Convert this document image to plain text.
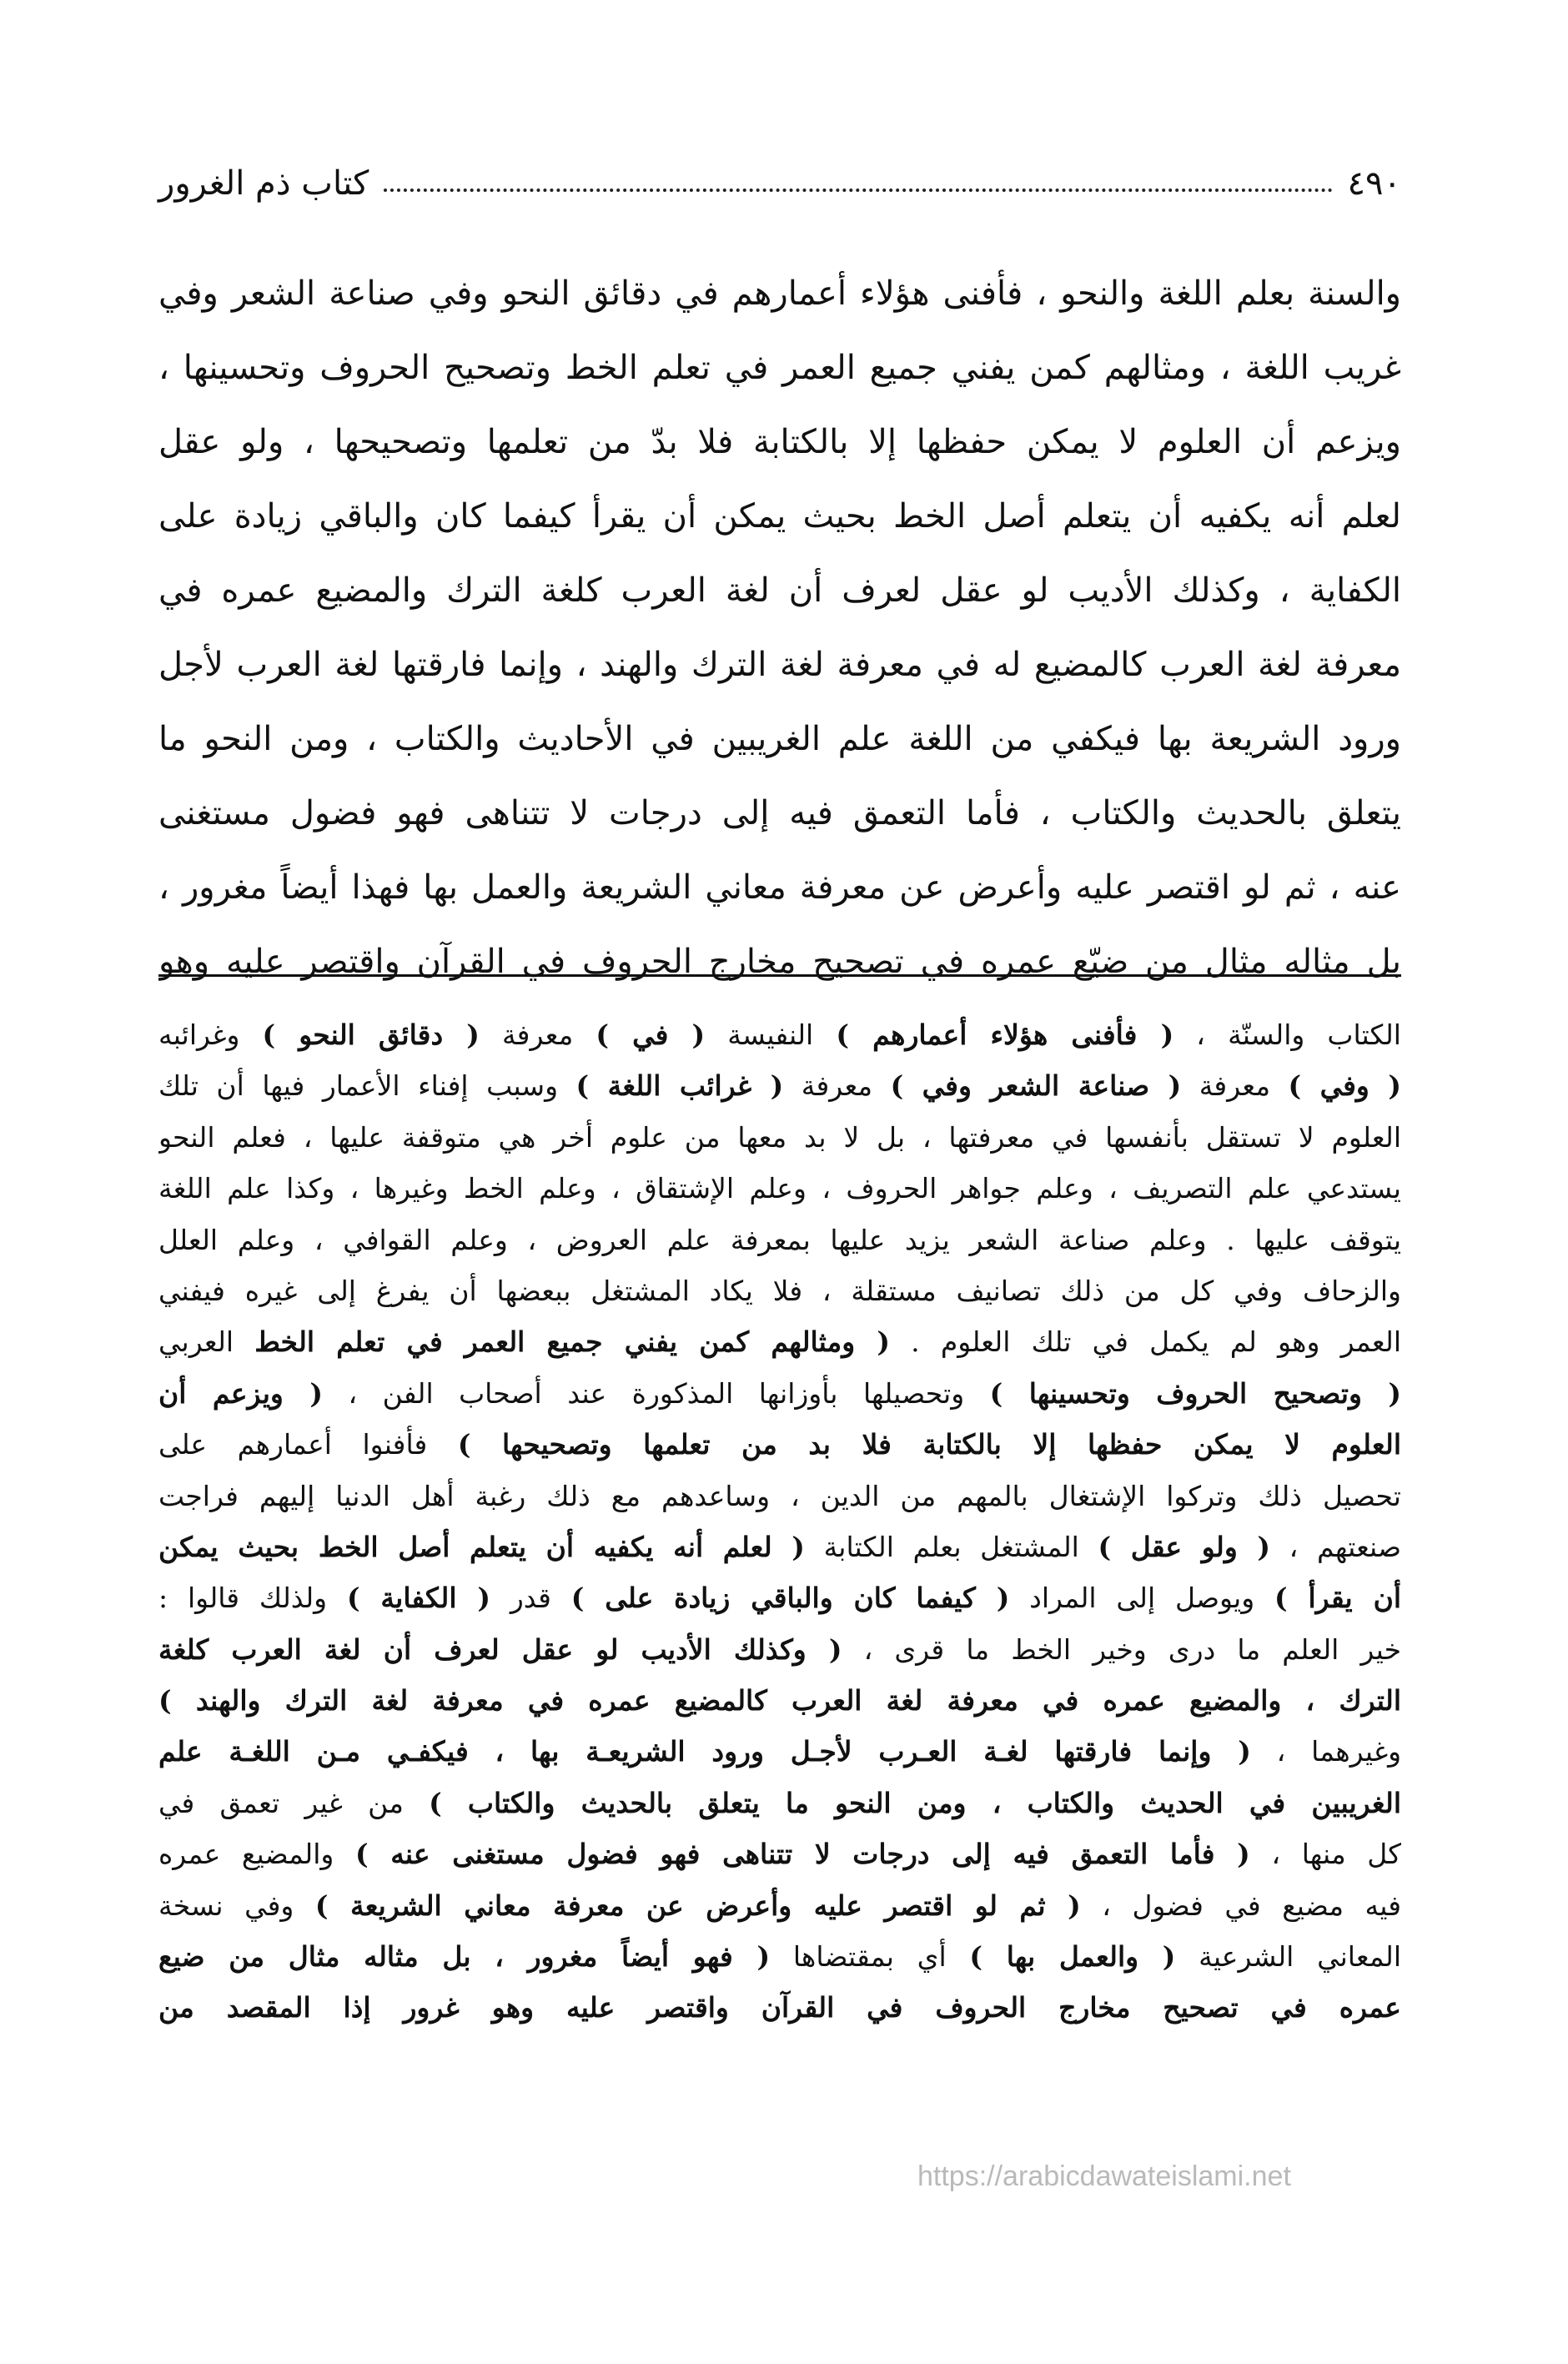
٤٩٠
كتاب ذم الغرور
والسنة بعلم اللغة والنحو ، فأفنى هؤلاء أعمارهم في دقائق النحو وفي صناعة الشعر وفي
غريب اللغة ، ومثالهم كمن يفني جميع العمر في تعلم الخط وتصحيح الحروف وتحسينها ،
ويزعم أن العلوم لا يمكن حفظها إلا بالكتابة فلا بدّ من تعلمها وتصحيحها ، ولو عقل
لعلم أنه يكفيه أن يتعلم أصل الخط بحيث يمكن أن يقرأ كيفما كان والباقي زيادة على
الكفاية ، وكذلك الأديب لو عقل لعرف أن لغة العرب كلغة الترك والمضيع عمره في
معرفة لغة العرب كالمضيع له في معرفة لغة الترك والهند ، وإنما فارقتها لغة العرب لأجل
ورود الشريعة بها فيكفي من اللغة علم الغريبين في الأحاديث والكتاب ، ومن النحو ما
يتعلق بالحديث والكتاب ، فأما التعمق فيه إلى درجات لا تتناهى فهو فضول مستغنى
عنه ، ثم لو اقتصر عليه وأعرض عن معرفة معاني الشريعة والعمل بها فهذا أيضاً مغرور ،
بل مثاله مثال من ضيّع عمره في تصحيح مخارج الحروف في القرآن واقتصر عليه وهو
الكتاب والسنّة ، ( فأفنى هؤلاء أعمارهم ) النفيسة ( في ) معرفة ( دقائق النحو ) وغرائبه
( وفي ) معرفة ( صناعة الشعر وفي ) معرفة ( غرائب اللغة ) وسبب إفناء الأعمار فيها أن تلك
العلوم لا تستقل بأنفسها في معرفتها ، بل لا بد معها من علوم أخر هي متوقفة عليها ، فعلم النحو
يستدعي علم التصريف ، وعلم جواهر الحروف ، وعلم الإشتقاق ، وعلم الخط وغيرها ، وكذا علم اللغة
يتوقف عليها . وعلم صناعة الشعر يزيد عليها بمعرفة علم العروض ، وعلم القوافي ، وعلم العلل
والزحاف وفي كل من ذلك تصانيف مستقلة ، فلا يكاد المشتغل ببعضها أن يفرغ إلى غيره فيفني
العمر وهو لم يكمل في تلك العلوم . ( ومثالهم كمن يفني جميع العمر في تعلم الخط العربي
( وتصحيح الحروف وتحسينها ) وتحصيلها بأوزانها المذكورة عند أصحاب الفن ، ( ويزعم أن
العلوم لا يمكن حفظها إلا بالكتابة فلا بد من تعلمها وتصحيحها ) فأفنوا أعمارهم على
تحصيل ذلك وتركوا الإشتغال بالمهم من الدين ، وساعدهم مع ذلك رغبة أهل الدنيا إليهم فراجت
صنعتهم ، ( ولو عقل ) المشتغل بعلم الكتابة ( لعلم أنه يكفيه أن يتعلم أصل الخط بحيث يمكن
أن يقرأ ) ويوصل إلى المراد ( كيفما كان والباقي زيادة على ) قدر ( الكفاية ) ولذلك قالوا :
خير العلم ما درى وخير الخط ما قرى ، ( وكذلك الأديب لو عقل لعرف أن لغة العرب كلغة
الترك ، والمضيع عمره في معرفة لغة العرب كالمضيع عمره في معرفة لغة الترك والهند )
وغيرهما ، ( وإنما فارقتها لغـة العـرب لأجـل ورود الشريعـة بها ، فيكفـي مـن اللغـة علم
الغريبين في الحديث والكتاب ، ومن النحو ما يتعلق بالحديث والكتاب ) من غير تعمق في
كل منها ، ( فأما التعمق فيه إلى درجات لا تتناهى فهو فضول مستغنى عنه ) والمضيع عمره
فيه مضيع في فضول ، ( ثم لو اقتصر عليه وأعرض عن معرفة معاني الشريعة ) وفي نسخة
المعاني الشرعية ( والعمل بها ) أي بمقتضاها ( فهو أيضاً مغرور ، بل مثاله مثال من ضيع
عمره في تصحيح مخارج الحروف في القرآن واقتصر عليه وهو غرور إذا المقصد من
https://arabicdawateislami.net
